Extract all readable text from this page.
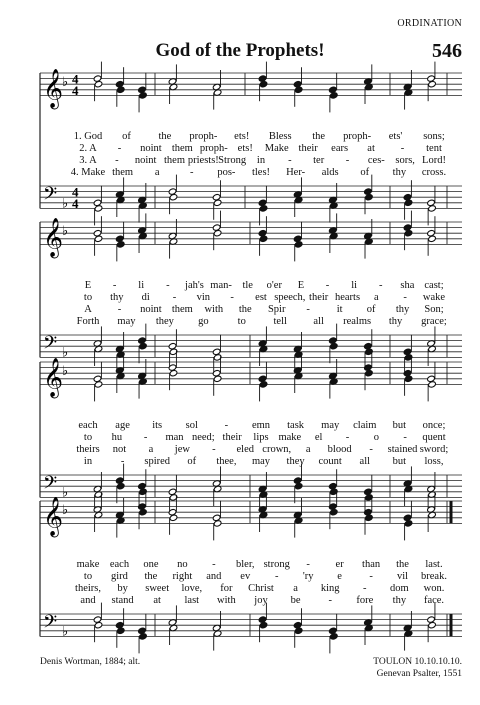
ORDINATION
God of the Prophets!	546
𝄞
♭ 4
4
𝄢 ♭
4
4
1. God of	the proph- ets! Bless the proph- ets' sons;
2. A - noint them proph- ets! Make their ears at - tent
3. A - noint them priests! Strong in - ter - ces- sors, Lord!
4. Make them a	- pos- tles! Her- alds of thy cross.
𝄞
♭
𝄢 ♭
E - li - jah's man- tle o'er E - li - sha cast;
to thy di - vin - est speech, their hearts a - wake
A - noint them with the Spir -	it of thy Son;
Forth may they go	to	tell	all realms thy grace;
𝄞
♭
𝄢 ♭
each age its sol	- emn task may claim but once;
to hu - man need; their lips make el - o - quent
theirs not a jew - eled crown, a blood - stained sword;
in	- spired of thee, may they count all but loss,
𝄞
♭
𝄢 ♭
make each one no - bler, strong - er than the last.
to gird the right and ev - 'ry e	- vil break.
theirs, by sweet love, for Christ a king - dom won.
and stand at last with joy be	- fore thy face.
Denis Wortman, 1884; alt.	TOULON 10.10.10.10.
Genevan Psalter, 1551
